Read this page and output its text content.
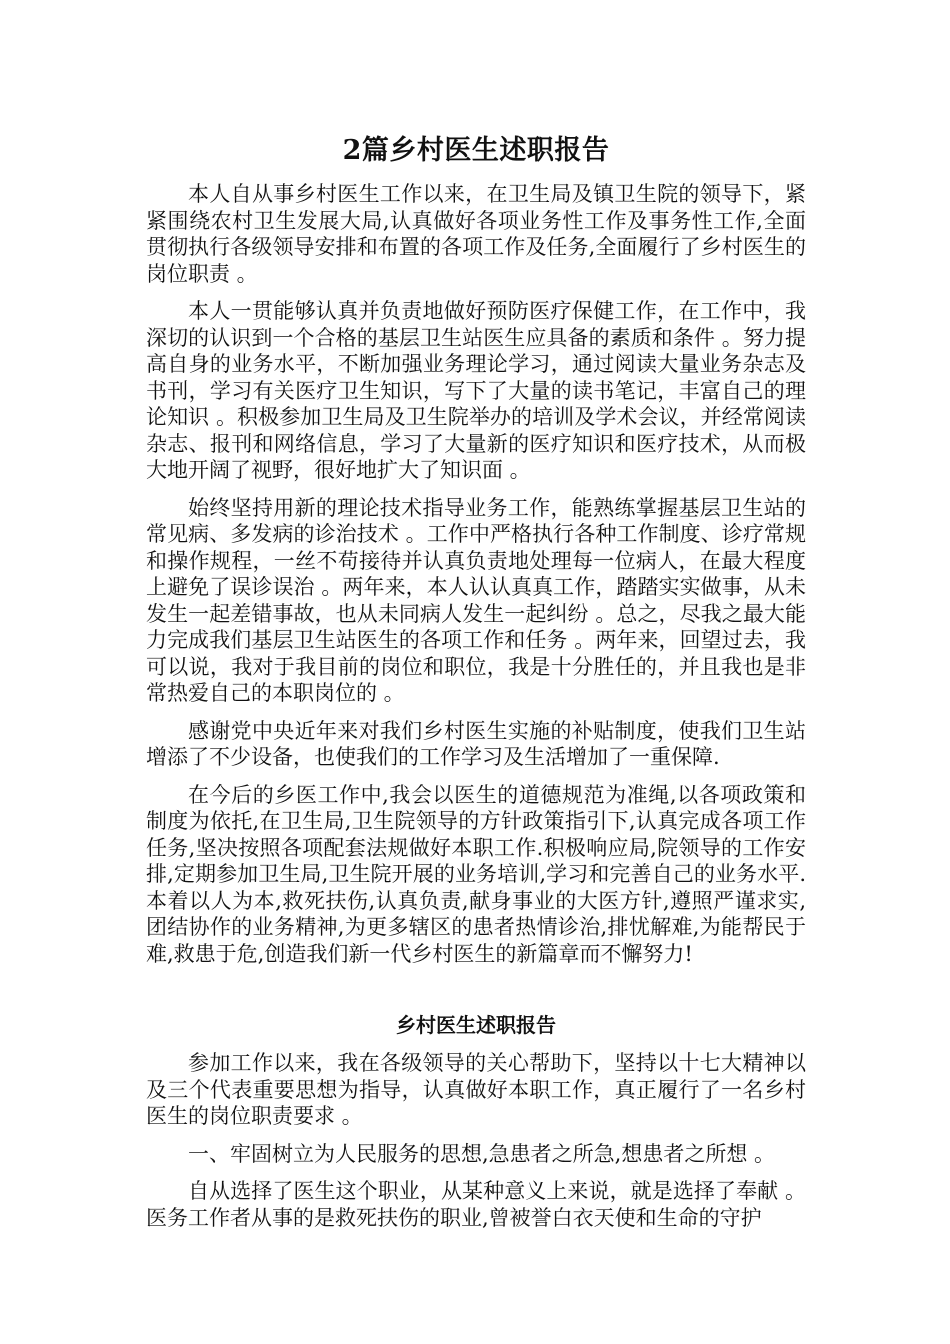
2篇乡村医生述职报告

本人自从事乡村医生工作以来，在卫生局及镇卫生院的领导下，紧紧围绕农村卫生发展大局,认真做好各项业务性工作及事务性工作,全面贯彻执行各级领导安排和布置的各项工作及任务,全面履行了乡村医生的岗位职责 。

本人一贯能够认真并负责地做好预防医疗保健工作，在工作中，我深切的认识到一个合格的基层卫生站医生应具备的素质和条件 。努力提高自身的业务水平，不断加强业务理论学习，通过阅读大量业务杂志及书刊，学习有关医疗卫生知识，写下了大量的读书笔记，丰富自己的理论知识 。积极参加卫生局及卫生院举办的培训及学术会议，并经常阅读杂志、报刊和网络信息，学习了大量新的医疗知识和医疗技术，从而极大地开阔了视野，很好地扩大了知识面 。

始终坚持用新的理论技术指导业务工作，能熟练掌握基层卫生站的常见病、多发病的诊治技术 。工作中严格执行各种工作制度、诊疗常规和操作规程，一丝不苟接待并认真负责地处理每一位病人，在最大程度上避免了误诊误治 。两年来，本人认认真真工作，踏踏实实做事，从未发生一起差错事故，也从未同病人发生一起纠纷 。总之，尽我之最大能力完成我们基层卫生站医生的各项工作和任务 。两年来，回望过去，我可以说，我对于我目前的岗位和职位，我是十分胜任的，并且我也是非常热爱自己的本职岗位的 。

感谢党中央近年来对我们乡村医生实施的补贴制度，使我们卫生站增添了不少设备，也使我们的工作学习及生活增加了一重保障.

在今后的乡医工作中,我会以医生的道德规范为准绳,以各项政策和制度为依托,在卫生局,卫生院领导的方针政策指引下,认真完成各项工作任务,坚决按照各项配套法规做好本职工作.积极响应局,院领导的工作安排,定期参加卫生局,卫生院开展的业务培训,学习和完善自己的业务水平.本着以人为本,救死扶伤,认真负责,献身事业的大医方针,遵照严谨求实,团结协作的业务精神,为更多辖区的患者热情诊治,排忧解难,为能帮民于难,救患于危,创造我们新一代乡村医生的新篇章而不懈努力!

乡村医生述职报告

参加工作以来，我在各级领导的关心帮助下，坚持以十七大精神以及三个代表重要思想为指导，认真做好本职工作，真正履行了一名乡村医生的岗位职责要求 。

一、牢固树立为人民服务的思想,急患者之所急,想患者之所想 。

自从选择了医生这个职业，从某种意义上来说，就是选择了奉献 。医务工作者从事的是救死扶伤的职业,曾被誉白衣天使和生命的守护
